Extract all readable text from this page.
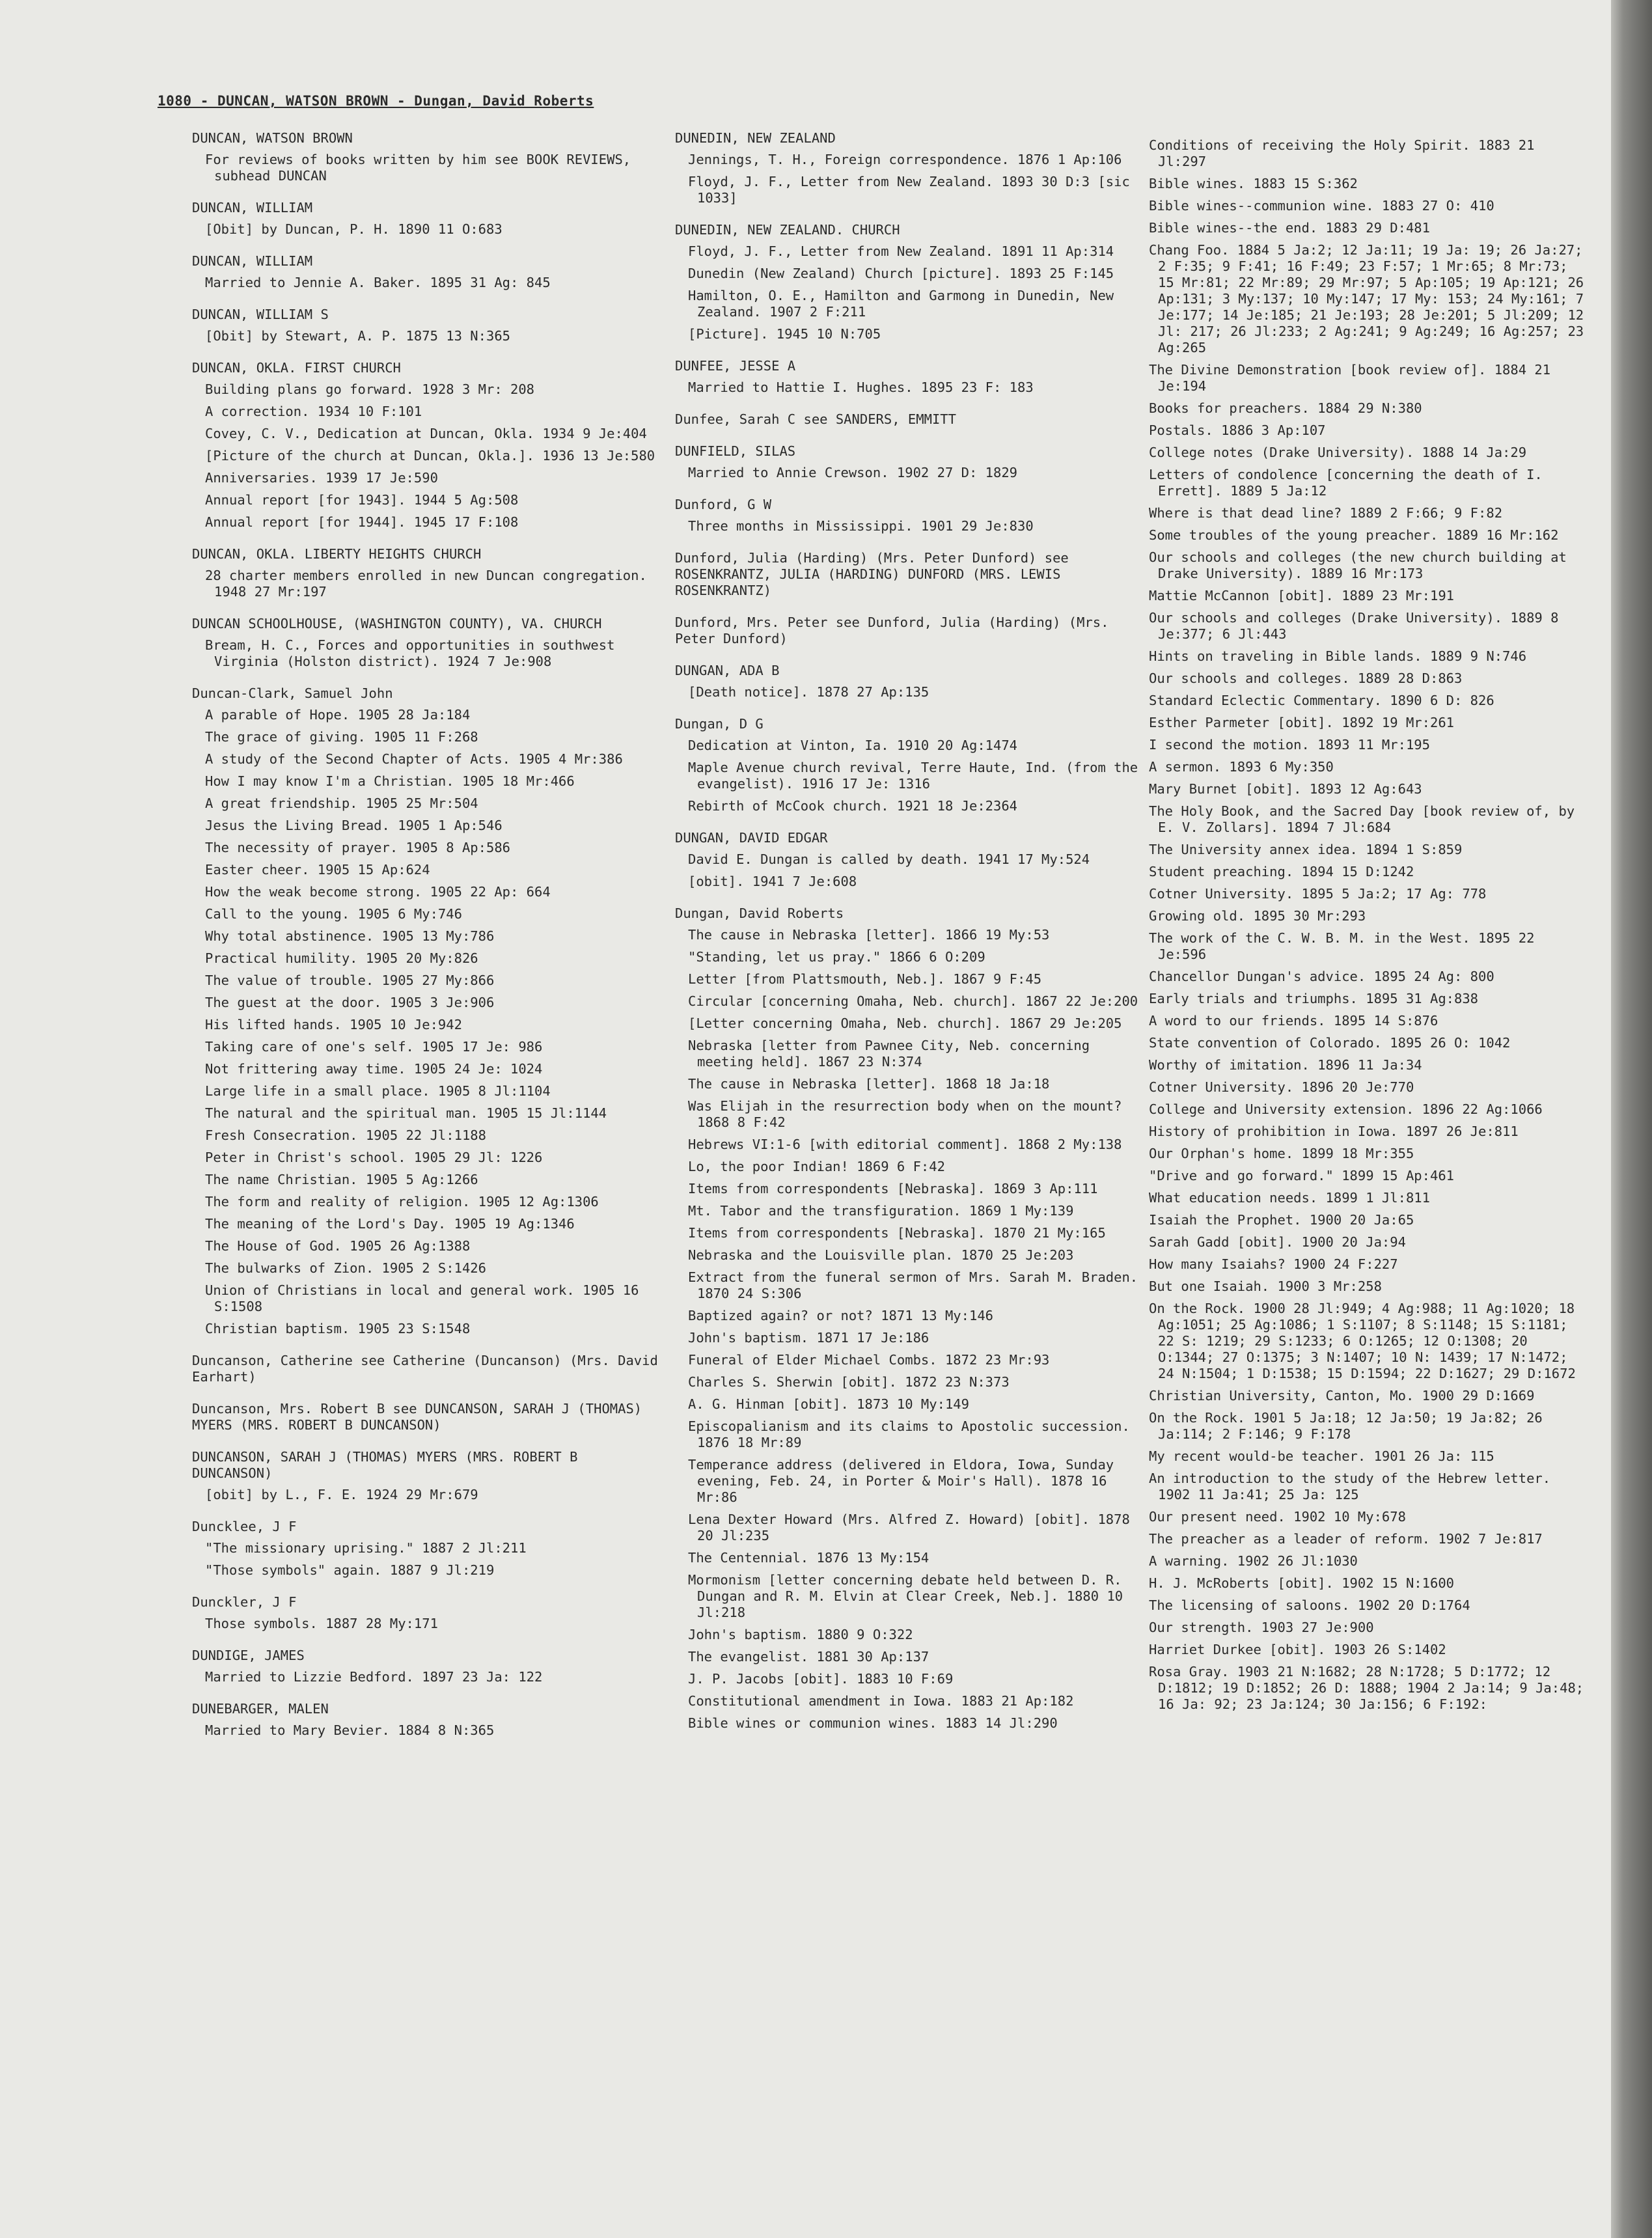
1080 - DUNCAN, WATSON BROWN - Dungan, David Roberts
DUNCAN, WATSON BROWN
For reviews of books written by him see BOOK REVIEWS, subhead DUNCAN
DUNCAN, WILLIAM
[Obit] by Duncan, P. H. 1890 11 O:683
DUNCAN, WILLIAM
Married to Jennie A. Baker. 1895 31 Ag: 845
DUNCAN, WILLIAM S
[Obit] by Stewart, A. P. 1875 13 N:365
DUNCAN, OKLA. FIRST CHURCH
Building plans go forward. 1928 3 Mr: 208
A correction. 1934 10 F:101
Covey, C. V., Dedication at Duncan, Okla. 1934 9 Je:404
[Picture of the church at Duncan, Okla.]. 1936 13 Je:580
Anniversaries. 1939 17 Je:590
Annual report [for 1943]. 1944 5 Ag:508
Annual report [for 1944]. 1945 17 F:108
DUNCAN, OKLA. LIBERTY HEIGHTS CHURCH
28 charter members enrolled in new Duncan congregation. 1948 27 Mr:197
DUNCAN SCHOOLHOUSE, (WASHINGTON COUNTY), VA. CHURCH
Bream, H. C., Forces and opportunities in southwest Virginia (Holston district). 1924 7 Je:908
Duncan-Clark, Samuel John
A parable of Hope. 1905 28 Ja:184
The grace of giving. 1905 11 F:268
A study of the Second Chapter of Acts. 1905 4 Mr:386
How I may know I'm a Christian. 1905 18 Mr:466
A great friendship. 1905 25 Mr:504
Jesus the Living Bread. 1905 1 Ap:546
The necessity of prayer. 1905 8 Ap:586
Easter cheer. 1905 15 Ap:624
How the weak become strong. 1905 22 Ap: 664
Call to the young. 1905 6 My:746
Why total abstinence. 1905 13 My:786
Practical humility. 1905 20 My:826
The value of trouble. 1905 27 My:866
The guest at the door. 1905 3 Je:906
His lifted hands. 1905 10 Je:942
Taking care of one's self. 1905 17 Je: 986
Not frittering away time. 1905 24 Je: 1024
Large life in a small place. 1905 8 Jl:1104
The natural and the spiritual man. 1905 15 Jl:1144
Fresh Consecration. 1905 22 Jl:1188
Peter in Christ's school. 1905 29 Jl: 1226
The name Christian. 1905 5 Ag:1266
The form and reality of religion. 1905 12 Ag:1306
The meaning of the Lord's Day. 1905 19 Ag:1346
The House of God. 1905 26 Ag:1388
The bulwarks of Zion. 1905 2 S:1426
Union of Christians in local and general work. 1905 16 S:1508
Christian baptism. 1905 23 S:1548
Duncanson, Catherine see Catherine (Duncanson) (Mrs. David Earhart)
Duncanson, Mrs. Robert B see DUNCANSON, SARAH J (THOMAS) MYERS (MRS. ROBERT B DUNCANSON)
DUNCANSON, SARAH J (THOMAS) MYERS (MRS. ROBERT B DUNCANSON)
[obit] by L., F. E. 1924 29 Mr:679
Duncklee, J F
"The missionary uprising." 1887 2 Jl:211
"Those symbols" again. 1887 9 Jl:219
Dunckler, J F
Those symbols. 1887 28 My:171
DUNDIGE, JAMES
Married to Lizzie Bedford. 1897 23 Ja: 122
DUNEBARGER, MALEN
Married to Mary Bevier. 1884 8 N:365
DUNEDIN, NEW ZEALAND
Jennings, T. H., Foreign correspondence. 1876 1 Ap:106
Floyd, J. F., Letter from New Zealand. 1893 30 D:3 [sic 1033]
DUNEDIN, NEW ZEALAND. CHURCH
Floyd, J. F., Letter from New Zealand. 1891 11 Ap:314
Dunedin (New Zealand) Church [picture]. 1893 25 F:145
Hamilton, O. E., Hamilton and Garmong in Dunedin, New Zealand. 1907 2 F:211
[Picture]. 1945 10 N:705
DUNFEE, JESSE A
Married to Hattie I. Hughes. 1895 23 F: 183
Dunfee, Sarah C see SANDERS, EMMITT
DUNFIELD, SILAS
Married to Annie Crewson. 1902 27 D: 1829
Dunford, G W
Three months in Mississippi. 1901 29 Je:830
Dunford, Julia (Harding) (Mrs. Peter Dunford) see ROSENKRANTZ, JULIA (HARDING) DUNFORD (MRS. LEWIS ROSENKRANTZ)
Dunford, Mrs. Peter see Dunford, Julia (Harding) (Mrs. Peter Dunford)
DUNGAN, ADA B
[Death notice]. 1878 27 Ap:135
Dungan, D G
Dedication at Vinton, Ia. 1910 20 Ag:1474
Maple Avenue church revival, Terre Haute, Ind. (from the evangelist). 1916 17 Je: 1316
Rebirth of McCook church. 1921 18 Je:2364
DUNGAN, DAVID EDGAR
David E. Dungan is called by death. 1941 17 My:524
[obit]. 1941 7 Je:608
Dungan, David Roberts
The cause in Nebraska [letter]. 1866 19 My:53
"Standing, let us pray." 1866 6 O:209
Letter [from Plattsmouth, Neb.]. 1867 9 F:45
Circular [concerning Omaha, Neb. church]. 1867 22 Je:200
[Letter concerning Omaha, Neb. church]. 1867 29 Je:205
Nebraska [letter from Pawnee City, Neb. concerning meeting held]. 1867 23 N:374
The cause in Nebraska [letter]. 1868 18 Ja:18
Was Elijah in the resurrection body when on the mount? 1868 8 F:42
Hebrews VI:1-6 [with editorial comment]. 1868 2 My:138
Lo, the poor Indian! 1869 6 F:42
Items from correspondents [Nebraska]. 1869 3 Ap:111
Mt. Tabor and the transfiguration. 1869 1 My:139
Items from correspondents [Nebraska]. 1870 21 My:165
Nebraska and the Louisville plan. 1870 25 Je:203
Extract from the funeral sermon of Mrs. Sarah M. Braden. 1870 24 S:306
Baptized again? or not? 1871 13 My:146
John's baptism. 1871 17 Je:186
Funeral of Elder Michael Combs. 1872 23 Mr:93
Charles S. Sherwin [obit]. 1872 23 N:373
A. G. Hinman [obit]. 1873 10 My:149
Episcopalianism and its claims to Apostolic succession. 1876 18 Mr:89
Temperance address (delivered in Eldora, Iowa, Sunday evening, Feb. 24, in Porter & Moir's Hall). 1878 16 Mr:86
Lena Dexter Howard (Mrs. Alfred Z. Howard) [obit]. 1878 20 Jl:235
The Centennial. 1876 13 My:154
Mormonism [letter concerning debate held between D. R. Dungan and R. M. Elvin at Clear Creek, Neb.]. 1880 10 Jl:218
John's baptism. 1880 9 O:322
The evangelist. 1881 30 Ap:137
J. P. Jacobs [obit]. 1883 10 F:69
Constitutional amendment in Iowa. 1883 21 Ap:182
Bible wines or communion wines. 1883 14 Jl:290
Conditions of receiving the Holy Spirit. 1883 21 Jl:297
Bible wines. 1883 15 S:362
Bible wines--communion wine. 1883 27 O: 410
Bible wines--the end. 1883 29 D:481
Chang Foo. 1884 5 Ja:2; 12 Ja:11; 19 Ja: 19; 26 Ja:27; 2 F:35; 9 F:41; 16 F:49; 23 F:57; 1 Mr:65; 8 Mr:73; 15 Mr:81; 22 Mr:89; 29 Mr:97; 5 Ap:105; 19 Ap:121; 26 Ap:131; 3 My:137; 10 My:147; 17 My: 153; 24 My:161; 7 Je:177; 14 Je:185; 21 Je:193; 28 Je:201; 5 Jl:209; 12 Jl: 217; 26 Jl:233; 2 Ag:241; 9 Ag:249; 16 Ag:257; 23 Ag:265
The Divine Demonstration [book review of]. 1884 21 Je:194
Books for preachers. 1884 29 N:380
Postals. 1886 3 Ap:107
College notes (Drake University). 1888 14 Ja:29
Letters of condolence [concerning the death of I. Errett]. 1889 5 Ja:12
Where is that dead line? 1889 2 F:66; 9 F:82
Some troubles of the young preacher. 1889 16 Mr:162
Our schools and colleges (the new church building at Drake University). 1889 16 Mr:173
Mattie McCannon [obit]. 1889 23 Mr:191
Our schools and colleges (Drake University). 1889 8 Je:377; 6 Jl:443
Hints on traveling in Bible lands. 1889 9 N:746
Our schools and colleges. 1889 28 D:863
Standard Eclectic Commentary. 1890 6 D: 826
Esther Parmeter [obit]. 1892 19 Mr:261
I second the motion. 1893 11 Mr:195
A sermon. 1893 6 My:350
Mary Burnet [obit]. 1893 12 Ag:643
The Holy Book, and the Sacred Day [book review of, by E. V. Zollars]. 1894 7 Jl:684
The University annex idea. 1894 1 S:859
Student preaching. 1894 15 D:1242
Cotner University. 1895 5 Ja:2; 17 Ag: 778
Growing old. 1895 30 Mr:293
The work of the C. W. B. M. in the West. 1895 22 Je:596
Chancellor Dungan's advice. 1895 24 Ag: 800
Early trials and triumphs. 1895 31 Ag:838
A word to our friends. 1895 14 S:876
State convention of Colorado. 1895 26 O: 1042
Worthy of imitation. 1896 11 Ja:34
Cotner University. 1896 20 Je:770
College and University extension. 1896 22 Ag:1066
History of prohibition in Iowa. 1897 26 Je:811
Our Orphan's home. 1899 18 Mr:355
"Drive and go forward." 1899 15 Ap:461
What education needs. 1899 1 Jl:811
Isaiah the Prophet. 1900 20 Ja:65
Sarah Gadd [obit]. 1900 20 Ja:94
How many Isaiahs? 1900 24 F:227
But one Isaiah. 1900 3 Mr:258
On the Rock. 1900 28 Jl:949; 4 Ag:988; 11 Ag:1020; 18 Ag:1051; 25 Ag:1086; 1 S:1107; 8 S:1148; 15 S:1181; 22 S: 1219; 29 S:1233; 6 O:1265; 12 O:1308; 20 O:1344; 27 O:1375; 3 N:1407; 10 N: 1439; 17 N:1472; 24 N:1504; 1 D:1538; 15 D:1594; 22 D:1627; 29 D:1672
Christian University, Canton, Mo. 1900 29 D:1669
On the Rock. 1901 5 Ja:18; 12 Ja:50; 19 Ja:82; 26 Ja:114; 2 F:146; 9 F:178
My recent would-be teacher. 1901 26 Ja: 115
An introduction to the study of the Hebrew letter. 1902 11 Ja:41; 25 Ja: 125
Our present need. 1902 10 My:678
The preacher as a leader of reform. 1902 7 Je:817
A warning. 1902 26 Jl:1030
H. J. McRoberts [obit]. 1902 15 N:1600
The licensing of saloons. 1902 20 D:1764
Our strength. 1903 27 Je:900
Harriet Durkee [obit]. 1903 26 S:1402
Rosa Gray. 1903 21 N:1682; 28 N:1728; 5 D:1772; 12 D:1812; 19 D:1852; 26 D: 1888; 1904 2 Ja:14; 9 Ja:48; 16 Ja: 92; 23 Ja:124; 30 Ja:156; 6 F:192:
